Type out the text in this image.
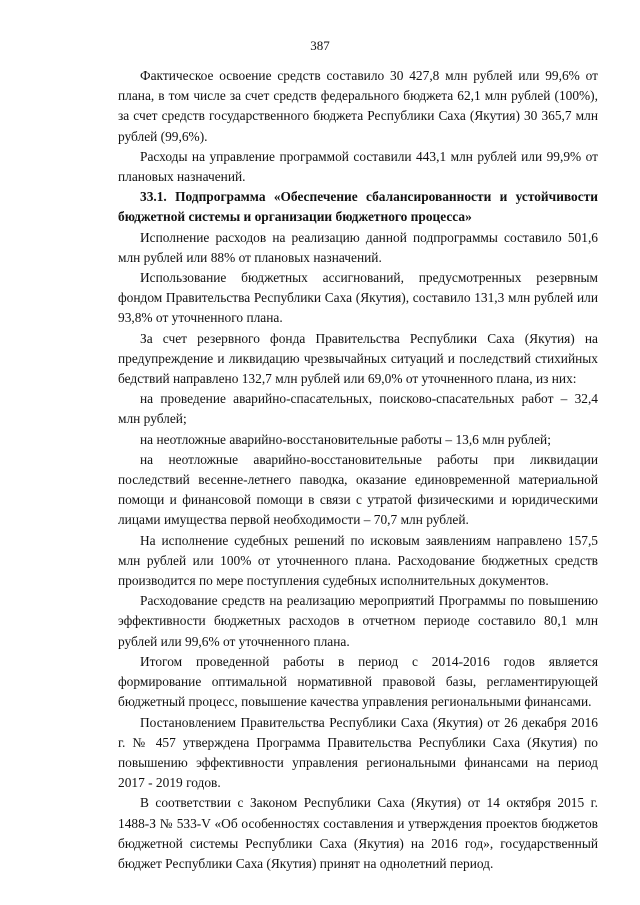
387

Фактическое освоение средств составило 30 427,8 млн рублей или 99,6% от плана, в том числе за счет средств федерального бюджета 62,1 млн рублей (100%), за счет средств государственного бюджета Республики Саха (Якутия) 30 365,7 млн рублей (99,6%).

Расходы на управление программой составили 443,1 млн рублей или 99,9% от плановых назначений.

33.1. Подпрограмма «Обеспечение сбалансированности и устойчивости бюджетной системы и организации бюджетного процесса»

Исполнение расходов на реализацию данной подпрограммы составило 501,6 млн рублей или 88% от плановых назначений.

Использование бюджетных ассигнований, предусмотренных резервным фондом Правительства Республики Саха (Якутия), составило 131,3 млн рублей или 93,8% от уточненного плана.

За счет резервного фонда Правительства Республики Саха (Якутия) на предупреждение и ликвидацию чрезвычайных ситуаций и последствий стихийных бедствий направлено 132,7 млн рублей или 69,0% от уточненного плана, из них:

на проведение аварийно-спасательных, поисково-спасательных работ – 32,4 млн рублей;

на неотложные аварийно-восстановительные работы – 13,6 млн рублей;

на неотложные аварийно-восстановительные работы при ликвидации последствий весенне-летнего паводка, оказание единовременной материальной помощи и финансовой помощи в связи с утратой физическими и юридическими лицами имущества первой необходимости – 70,7 млн рублей.

На исполнение судебных решений по исковым заявлениям направлено 157,5 млн рублей или 100% от уточненного плана. Расходование бюджетных средств производится по мере поступления судебных исполнительных документов.

Расходование средств на реализацию мероприятий Программы по повышению эффективности бюджетных расходов в отчетном периоде составило 80,1 млн рублей или 99,6% от уточненного плана.

Итогом проведенной работы в период с 2014-2016 годов является формирование оптимальной нормативной правовой базы, регламентирующей бюджетный процесс, повышение качества управления региональными финансами.

Постановлением Правительства Республики Саха (Якутия) от 26 декабря 2016 г. № 457 утверждена Программа Правительства Республики Саха (Якутия) по повышению эффективности управления региональными финансами на период 2017 - 2019 годов.

В соответствии с Законом Республики Саха (Якутия) от 14 октября 2015 г. 1488-З № 533-V «Об особенностях составления и утверждения проектов бюджетов бюджетной системы Республики Саха (Якутия) на 2016 год», государственный бюджет Республики Саха (Якутия) принят на однолетний период.
